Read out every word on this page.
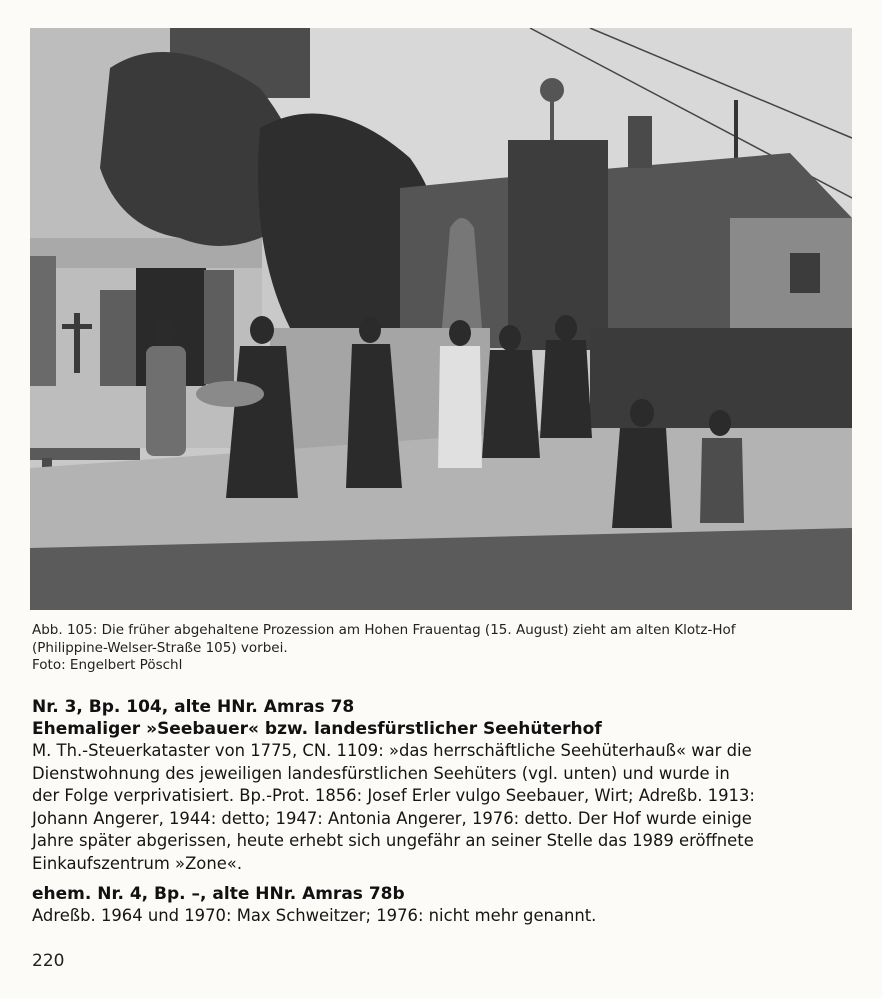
Abb. 105: Die früher abgehaltene Prozession am Hohen Frauentag (15. August) zieht am alten Klotz-Hof
(Philippine-Welser-Straße 105) vorbei.
Foto: Engelbert Pöschl
Nr. 3, Bp. 104, alte HNr. Amras 78
Ehemaliger »Seebauer« bzw. landesfürstlicher Seehüterhof
M. Th.-Steuerkataster von 1775, CN. 1109: »das herrschäftliche Seehüterhauß« war die
Dienstwohnung des jeweiligen landesfürstlichen Seehüters (vgl. unten) und wurde in
der Folge verprivatisiert. Bp.-Prot. 1856: Josef Erler vulgo Seebauer, Wirt; Adreßb. 1913:
Johann Angerer, 1944: detto; 1947: Antonia Angerer, 1976: detto. Der Hof wurde einige
Jahre später abgerissen, heute erhebt sich ungefähr an seiner Stelle das 1989 eröffnete
Einkaufszentrum »Zone«.
ehem. Nr. 4, Bp. –, alte HNr. Amras 78b
Adreßb. 1964 und 1970: Max Schweitzer; 1976: nicht mehr genannt.
220
